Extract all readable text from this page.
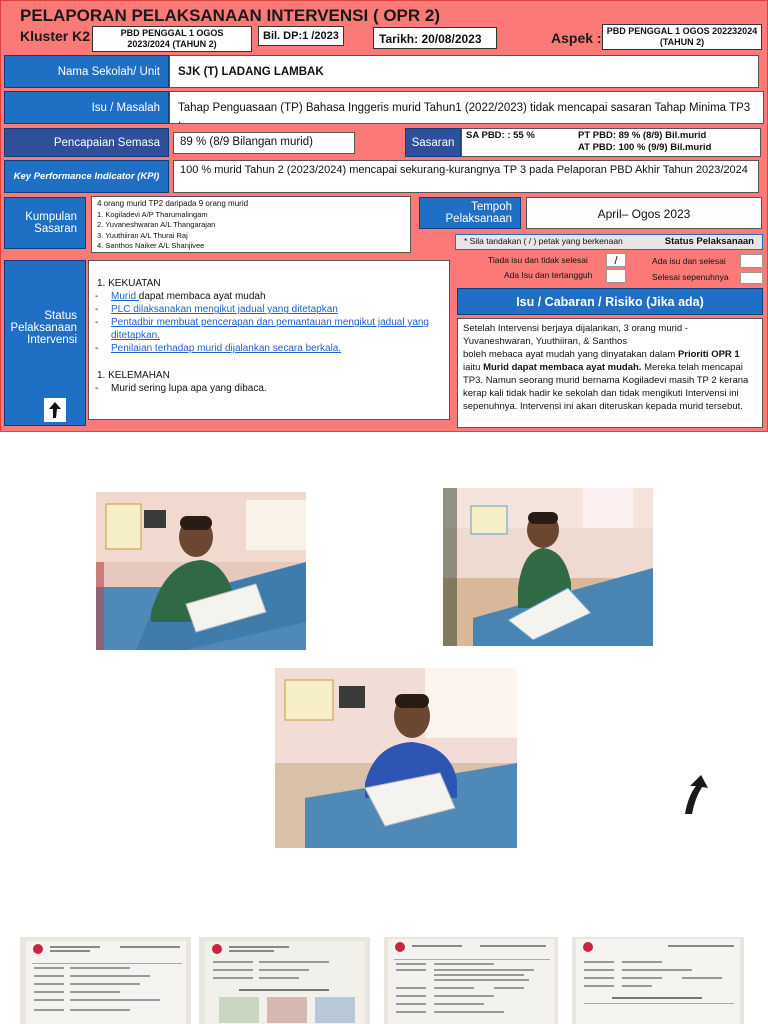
PELAPORAN PELAKSANAAN INTERVENSI ( OPR 2)
Kluster K2	PBD PENGGAL 1 OGOS
2023/2024 (TAHUN 2)
Bil. DP:1 /2023	Tarikh: 20/08/2023	Aspek : PBD PENGGAL 1 OGOS 202232024
(TAHUN 2)
Nama Sekolah/ Unit	SJK (T) LADANG LAMBAK
Isu / Masalah	Tahap Penguasaan (TP) Bahasa Inggeris murid Tahun1 (2022/2023) tidak mencapai sasaran Tahap Minima TP3 .
Pencapaian Semasa	89 % (8/9 Bilangan murid)	Sasaran
SA PBD: : 55 %	PT PBD: 89 % (8/9) Bil.murid
AT PBD: 100 % (9/9) Bil.murid
Key Performance Indicator (KPI)
100 % murid Tahun 2 (2023/2024) mencapai sekurang-kurangnya TP 3 pada Pelaporan PBD Akhir Tahun 2023/2024
Kumpulan
Sasaran
4 orang murid TP2 daripada 9 orang murid
1. Kogiladevi A/P Tharumalingam
2. Yuvaneshwaran A/L Thangarajan
3. Yuuthiiran A/L Thurai Raj
4. Santhos Naiker A/L Shanjivee
Tempoh
Pelaksanaan	April– Ogos 2023
* Sila tandakan ( / ) petak yang berkenaan	Status Pelaksanaan
Tiada isu dan tidak selesai	/
Ada Isu dan tertangguh
Ada isu dan selesai
Selesai sepenuhnya
Status
Pelaksanaan
Intervensi
1. KEKUATAN
-	Murid dapat membaca ayat mudah
-	PLC dilaksanakan mengikut jadual yang ditetapkan
-	Pentadbir membuat pencerapan dan pemantauan mengikut jadual yang ditetapkan.
-	Penilaian terhadap murid dijalankan secara berkala.
1. KELEMAHAN
-	Murid sering lupa apa yang dibaca.
Isu / Cabaran / Risiko (Jika ada)
Setelah Intervensi berjaya dijalankan, 3 orang murid - Yuvaneshwaran, Yuuthiiran, & Santhos
boleh mebaca ayat mudah yang dinyatakan dalam Prioriti OPR 1 iaitu Murid dapat membaca ayat mudah. Mereka telah mencapai TP3. Namun seorang murid bernama Kogiladevi masih TP 2 kerana kerap kali tidak hadir ke sekolah dan tidak mengikuti Intervensi ini sepenuhnya. Intervensi ini akan diteruskan kepada murid tersebut.
